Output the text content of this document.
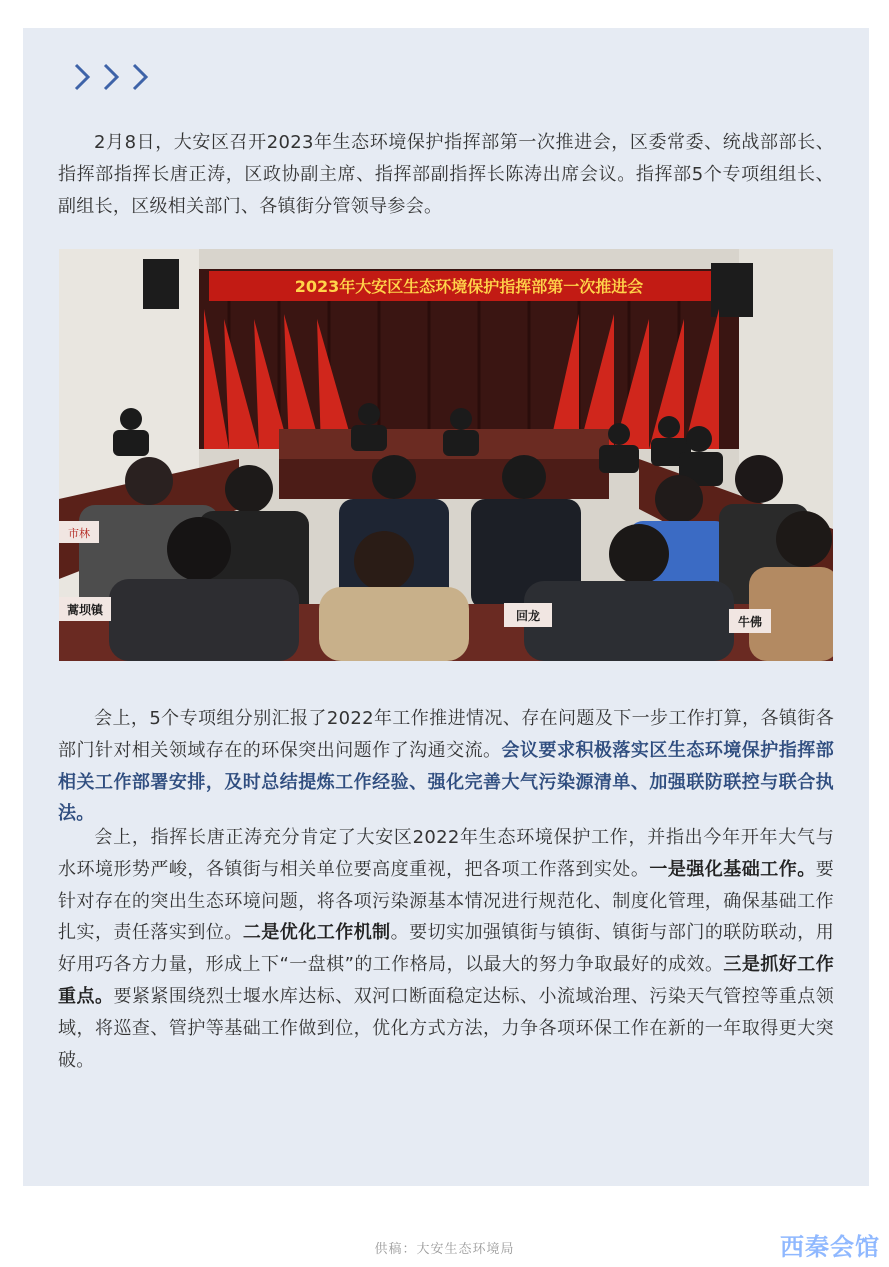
2月8日，大安区召开2023年生态环境保护指挥部第一次推进会，区委常委、统战部部长、指挥部指挥长唐正涛，区政协副主席、指挥部副指挥长陈涛出席会议。指挥部5个专项组组长、副组长，区级相关部门、各镇街分管领导参会。

2023年大安区生态环境保护指挥部第一次推进会
市林
蒿坝镇	回龙	牛佛

会上，5个专项组分别汇报了2022年工作推进情况、存在问题及下一步工作打算，各镇街各部门针对相关领域存在的环保突出问题作了沟通交流。会议要求积极落实区生态环境保护指挥部相关工作部署安排，及时总结提炼工作经验、强化完善大气污染源清单、加强联防联控与联合执法。

会上，指挥长唐正涛充分肯定了大安区2022年生态环境保护工作，并指出今年开年大气与水环境形势严峻，各镇街与相关单位要高度重视，把各项工作落到实处。一是强化基础工作。要针对存在的突出生态环境问题，将各项污染源基本情况进行规范化、制度化管理，确保基础工作扎实，责任落实到位。二是优化工作机制。要切实加强镇街与镇街、镇街与部门的联防联动，用好用巧各方力量，形成上下“一盘棋”的工作格局，以最大的努力争取最好的成效。三是抓好工作重点。要紧紧围绕烈士堰水库达标、双河口断面稳定达标、小流域治理、污染天气管控等重点领域，将巡查、管护等基础工作做到位，优化方式方法，力争各项环保工作在新的一年取得更大突破。

供稿：大安生态环境局	西秦会馆
